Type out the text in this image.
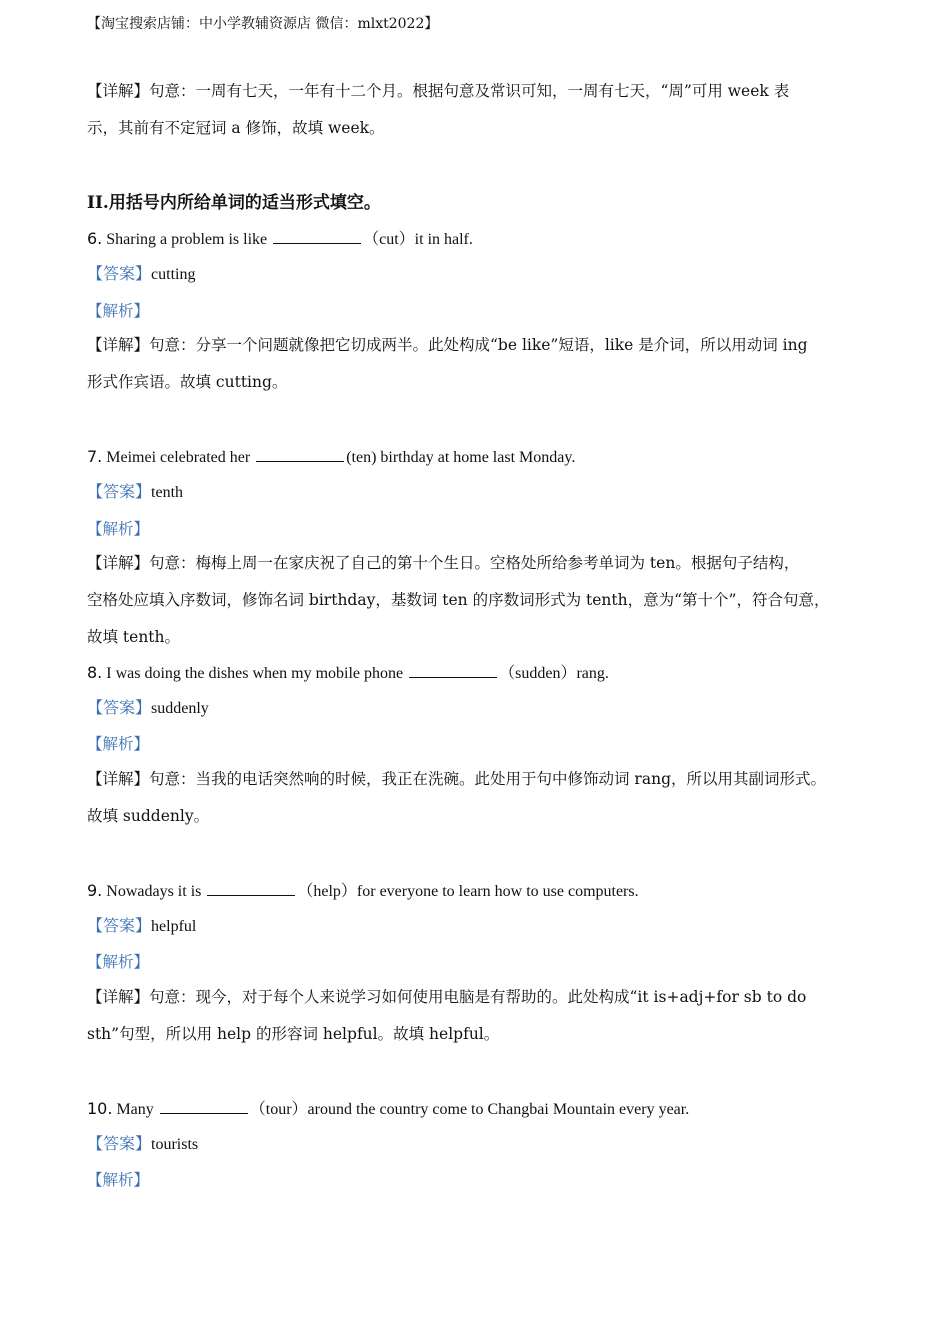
【淘宝搜索店铺：中小学教辅资源店 微信：mlxt2022】
【详解】句意：一周有七天，一年有十二个月。根据句意及常识可知，一周有七天，“周”可用 week 表
示，其前有不定冠词 a 修饰，故填 week。
II.用括号内所给单词的适当形式填空。
6. Sharing a problem is like	（cut）it in half.
【答案】cutting
【解析】
【详解】句意：分享一个问题就像把它切成两半。此处构成“be like”短语，like 是介词，所以用动词 ing
形式作宾语。故填 cutting。
7. Meimei celebrated her	(ten) birthday at home last Monday.
【答案】tenth
【解析】
【详解】句意：梅梅上周一在家庆祝了自己的第十个生日。空格处所给参考单词为 ten。根据句子结构，
空格处应填入序数词，修饰名词 birthday，基数词 ten 的序数词形式为 tenth，意为“第十个”，符合句意，
故填 tenth。
8. I was doing the dishes when my mobile phone	（sudden）rang.
【答案】suddenly
【解析】
【详解】句意：当我的电话突然响的时候，我正在洗碗。此处用于句中修饰动词 rang，所以用其副词形式。
故填 suddenly。
9. Nowadays it is	（help）for everyone to learn how to use computers.
【答案】helpful
【解析】
【详解】句意：现今，对于每个人来说学习如何使用电脑是有帮助的。此处构成“it is+adj+for sb to do
sth”句型，所以用 help 的形容词 helpful。故填 helpful。
10. Many	（tour）around the country come to Changbai Mountain every year.
【答案】tourists
【解析】
